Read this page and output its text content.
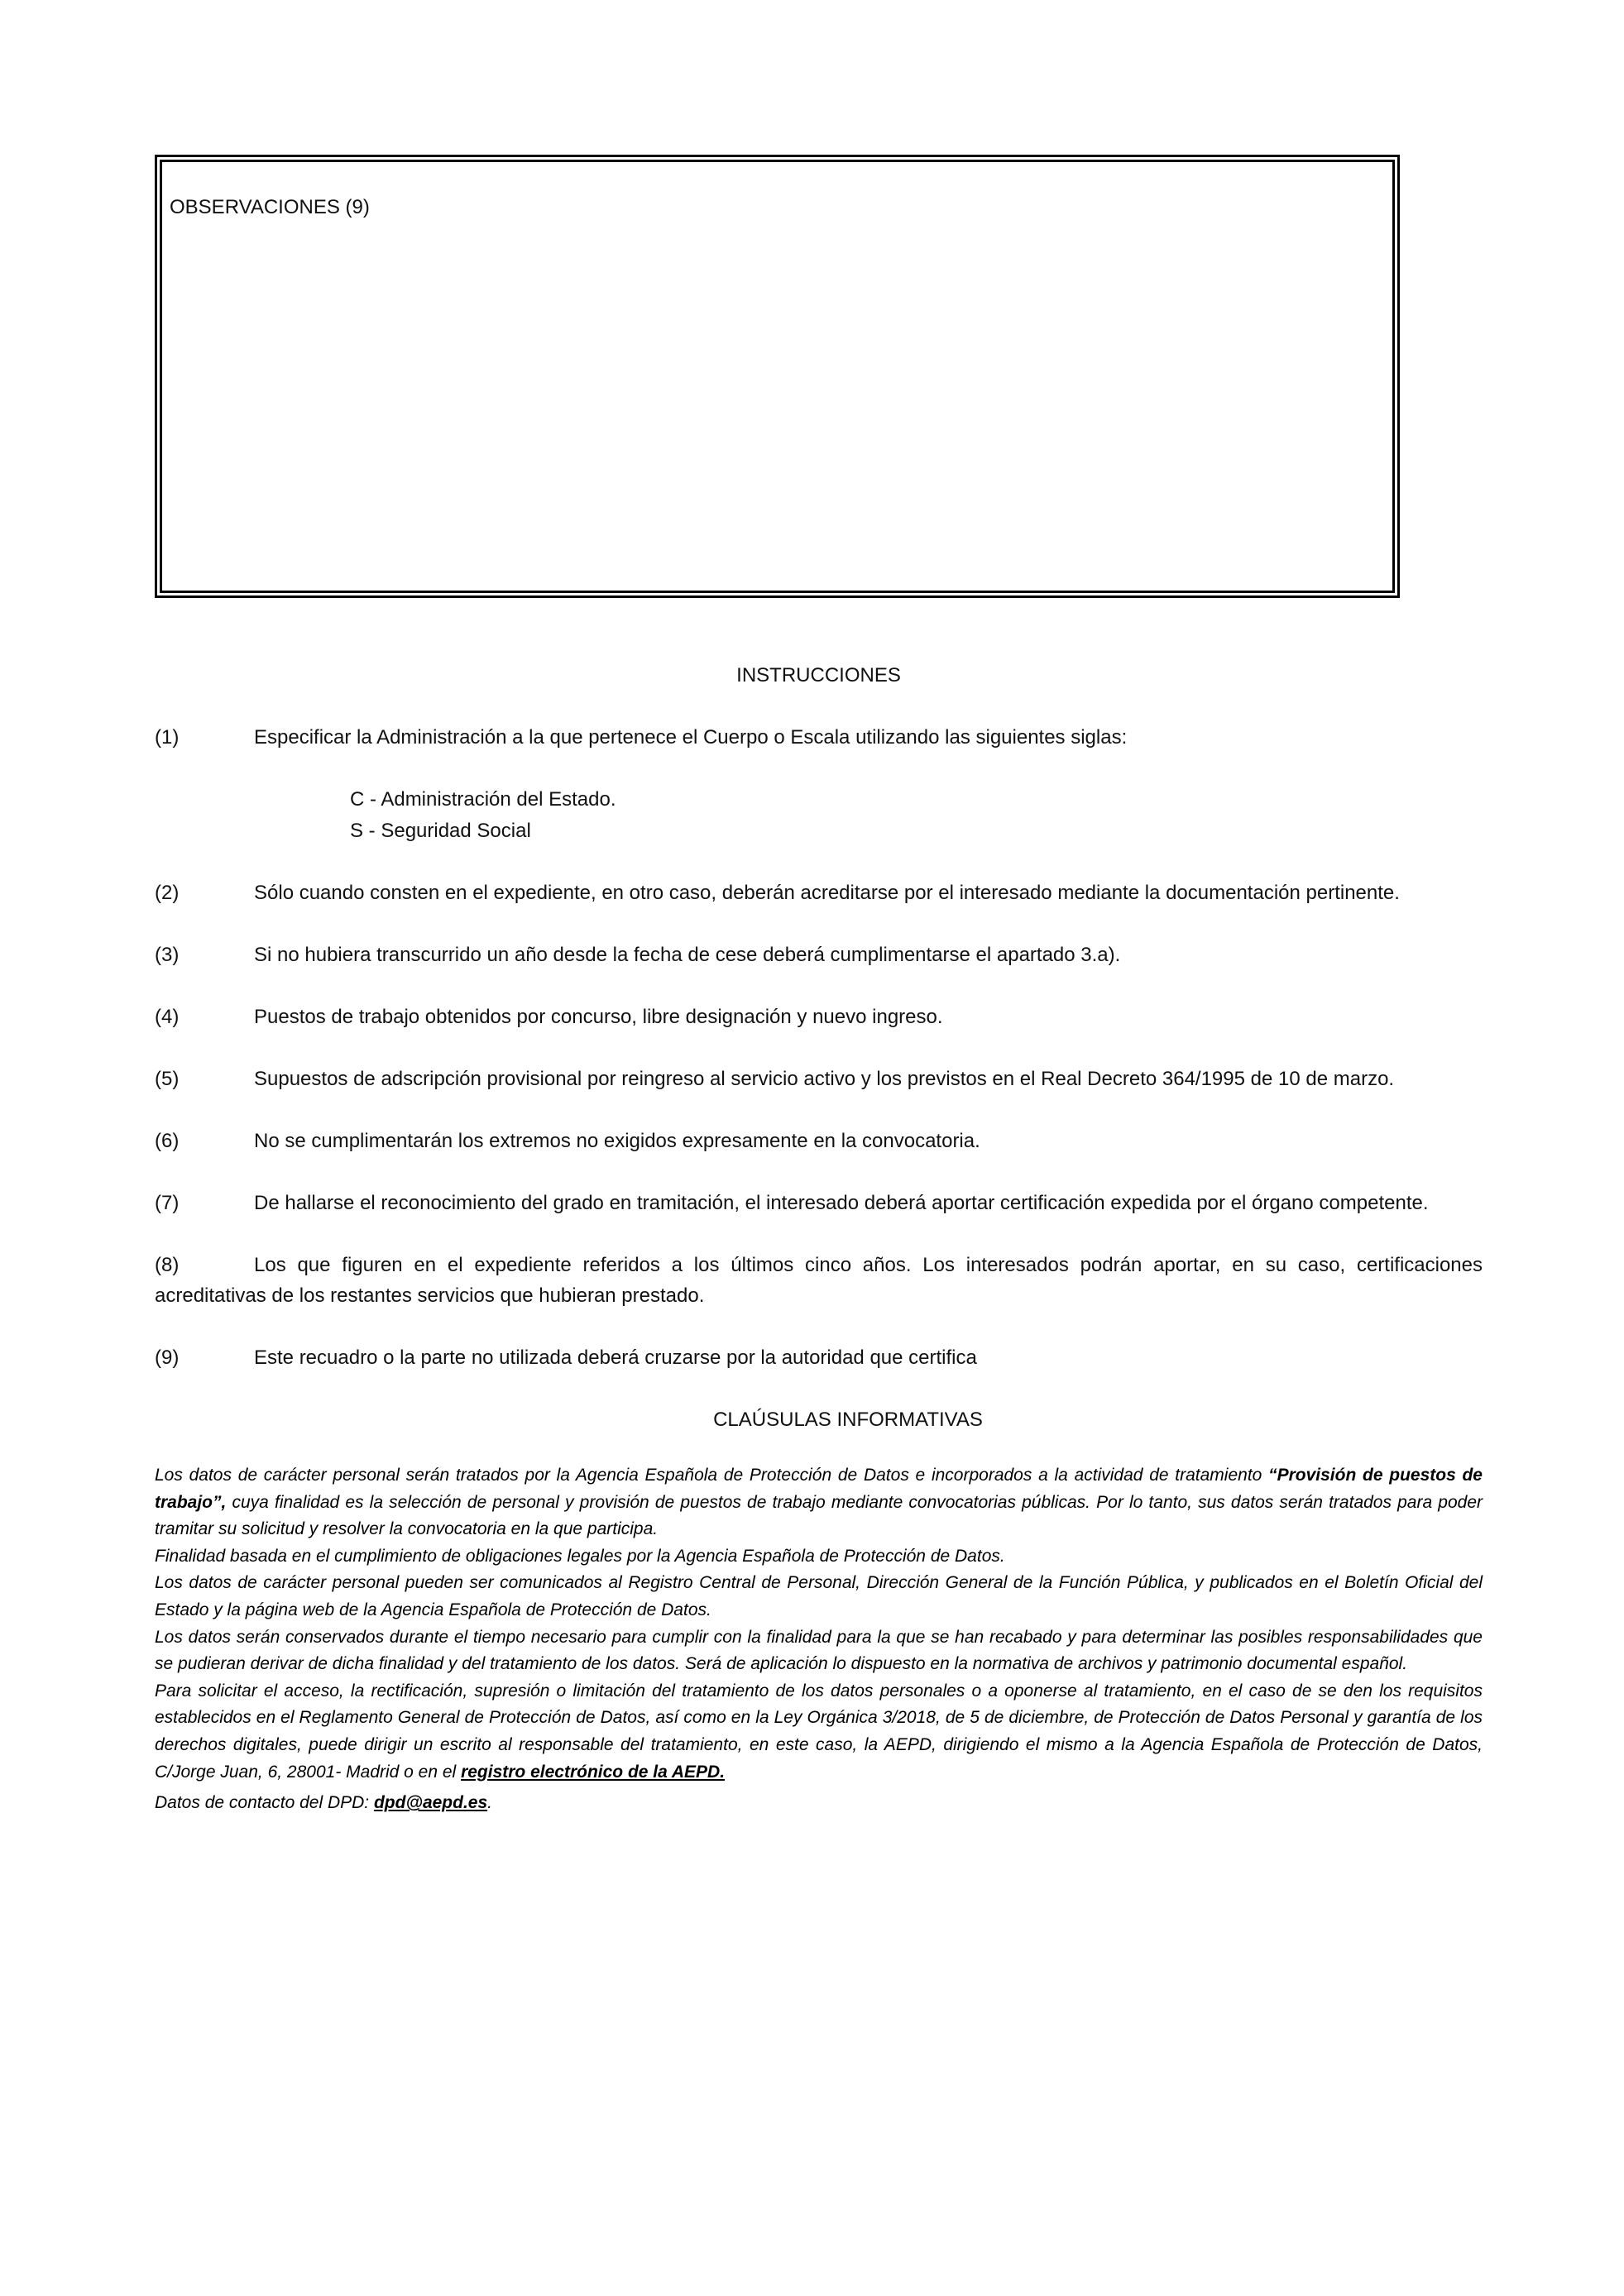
OBSERVACIONES (9)

INSTRUCCIONES

(1)	Especificar la Administración a la que pertenece el Cuerpo o Escala utilizando las siguientes siglas:

C - Administración del Estado.
S - Seguridad Social

(2)	Sólo cuando consten en el expediente, en otro caso, deberán acreditarse por el interesado mediante la documentación pertinente.

(3)	Si no hubiera transcurrido un año desde la fecha de cese deberá cumplimentarse el apartado 3.a).

(4)	Puestos de trabajo obtenidos por concurso, libre designación y nuevo ingreso.

(5)	Supuestos de adscripción provisional por reingreso al servicio activo y los previstos en el Real Decreto 364/1995 de 10 de marzo.

(6)	No se cumplimentarán los extremos no exigidos expresamente en la convocatoria.

(7)	De hallarse el reconocimiento del grado en tramitación, el interesado deberá aportar certificación expedida por el órgano competente.

(8)	Los que figuren en el expediente referidos a los últimos cinco años. Los interesados podrán aportar, en su caso, certificaciones acreditativas de los restantes servicios que hubieran prestado.

(9)	Este recuadro o la parte no utilizada deberá cruzarse por la autoridad que certifica

CLAÚSULAS INFORMATIVAS

Los datos de carácter personal serán tratados por la Agencia Española de Protección de Datos e incorporados a la actividad de tratamiento “Provisión de puestos de trabajo”, cuya finalidad es la selección de personal y provisión de puestos de trabajo mediante convocatorias públicas. Por lo tanto, sus datos serán tratados para poder tramitar su solicitud y resolver la convocatoria en la que participa.

Finalidad basada en el cumplimiento de obligaciones legales por la Agencia Española de Protección de Datos.

Los datos de carácter personal pueden ser comunicados al Registro Central de Personal, Dirección General de la Función Pública, y publicados en el Boletín Oficial del Estado y la página web de la Agencia Española de Protección de Datos.

Los datos serán conservados durante el tiempo necesario para cumplir con la finalidad para la que se han recabado y para determinar las posibles responsabilidades que se pudieran derivar de dicha finalidad y del tratamiento de los datos. Será de aplicación lo dispuesto en la normativa de archivos y patrimonio documental español.

Para solicitar el acceso, la rectificación, supresión o limitación del tratamiento de los datos personales o a oponerse al tratamiento, en el caso de se den los requisitos establecidos en el Reglamento General de Protección de Datos, así como en la Ley Orgánica 3/2018, de 5 de diciembre, de Protección de Datos Personal y garantía de los derechos digitales, puede dirigir un escrito al responsable del tratamiento, en este caso, la AEPD, dirigiendo el mismo a la Agencia Española de Protección de Datos, C/Jorge Juan, 6, 28001- Madrid o en el registro electrónico de la AEPD.

Datos de contacto del DPD: dpd@aepd.es.
